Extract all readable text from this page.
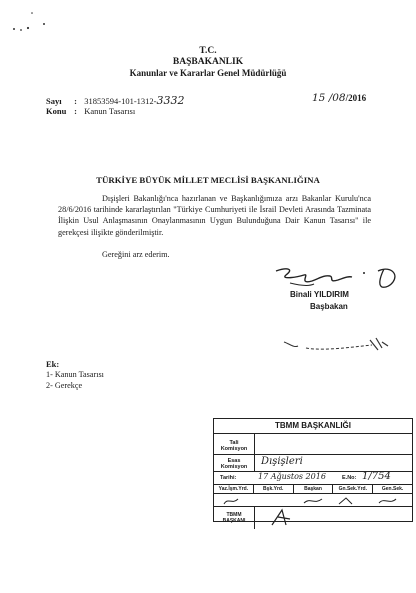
T.C.
BAŞBAKANLIK
Kanunlar ve Kararlar Genel Müdürlüğü
Sayı : 31853594-101-1312-3332
Konu : Kanun Tasarısı
15 /08/2016
TÜRKİYE BÜYÜK MİLLET MECLİSİ BAŞKANLIĞINA
Dışişleri Bakanlığı'nca hazırlanan ve Başkanlığımıza arzı Bakanlar Kurulu'nca 28/6/2016 tarihinde kararlaştırılan "Türkiye Cumhuriyeti ile İsrail Devleti Arasında Tazminata İlişkin Usul Anlaşmasının Onaylanmasının Uygun Bulunduğuna Dair Kanun Tasarısı" ile gerekçesi ilişikte gönderilmiştir.
Gereğini arz ederim.
Binali YILDIRIM
Başbakan
Ek:
1- Kanun Tasarısı
2- Gerekçe
TBMM BAŞKANLIĞI
Tali Komisyon
Esas Komisyon	Dışişleri
Tarihi:	17 Ağustos 2016	E.No: 1/754
Yaz.İşm.Yrd.	Bşk.Yrd.	Başkan	Gn.Sek.Yrd.	Gen.Sek.
TBMM BAŞKANI
